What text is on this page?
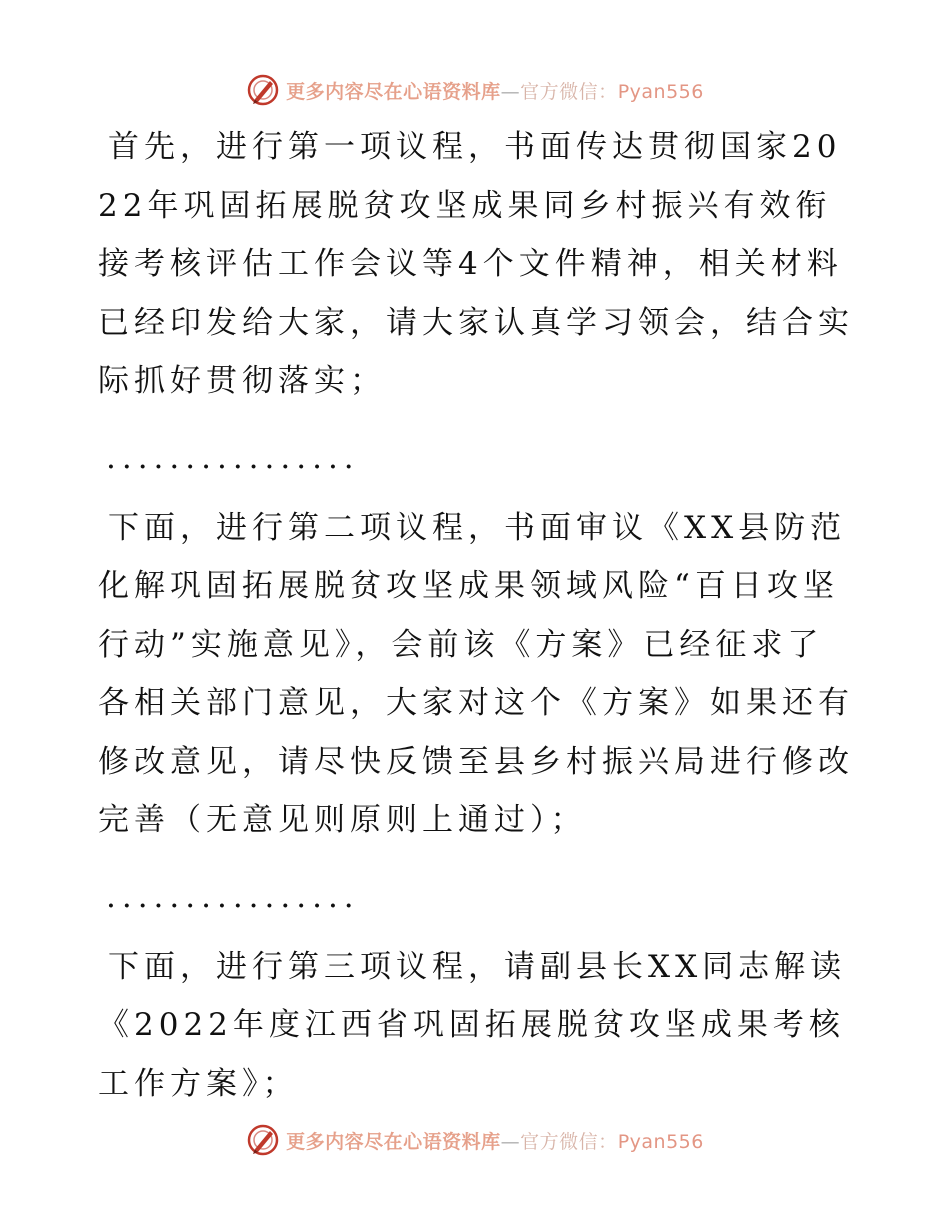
更多内容尽在心语资料库—官方微信：Pyan556

首先，进行第一项议程，书面传达贯彻国家2022年巩固拓展脱贫攻坚成果同乡村振兴有效衔接考核评估工作会议等4个文件精神，相关材料已经印发给大家，请大家认真学习领会，结合实际抓好贯彻落实；

................

下面，进行第二项议程，书面审议《XX县防范化解巩固拓展脱贫攻坚成果领域风险“百日攻坚行动”实施意见》，会前该《方案》已经征求了各相关部门意见，大家对这个《方案》如果还有修改意见，请尽快反馈至县乡村振兴局进行修改完善（无意见则原则上通过）；

................

下面，进行第三项议程，请副县长XX同志解读《2022年度江西省巩固拓展脱贫攻坚成果考核工作方案》；

更多内容尽在心语资料库—官方微信：Pyan556
